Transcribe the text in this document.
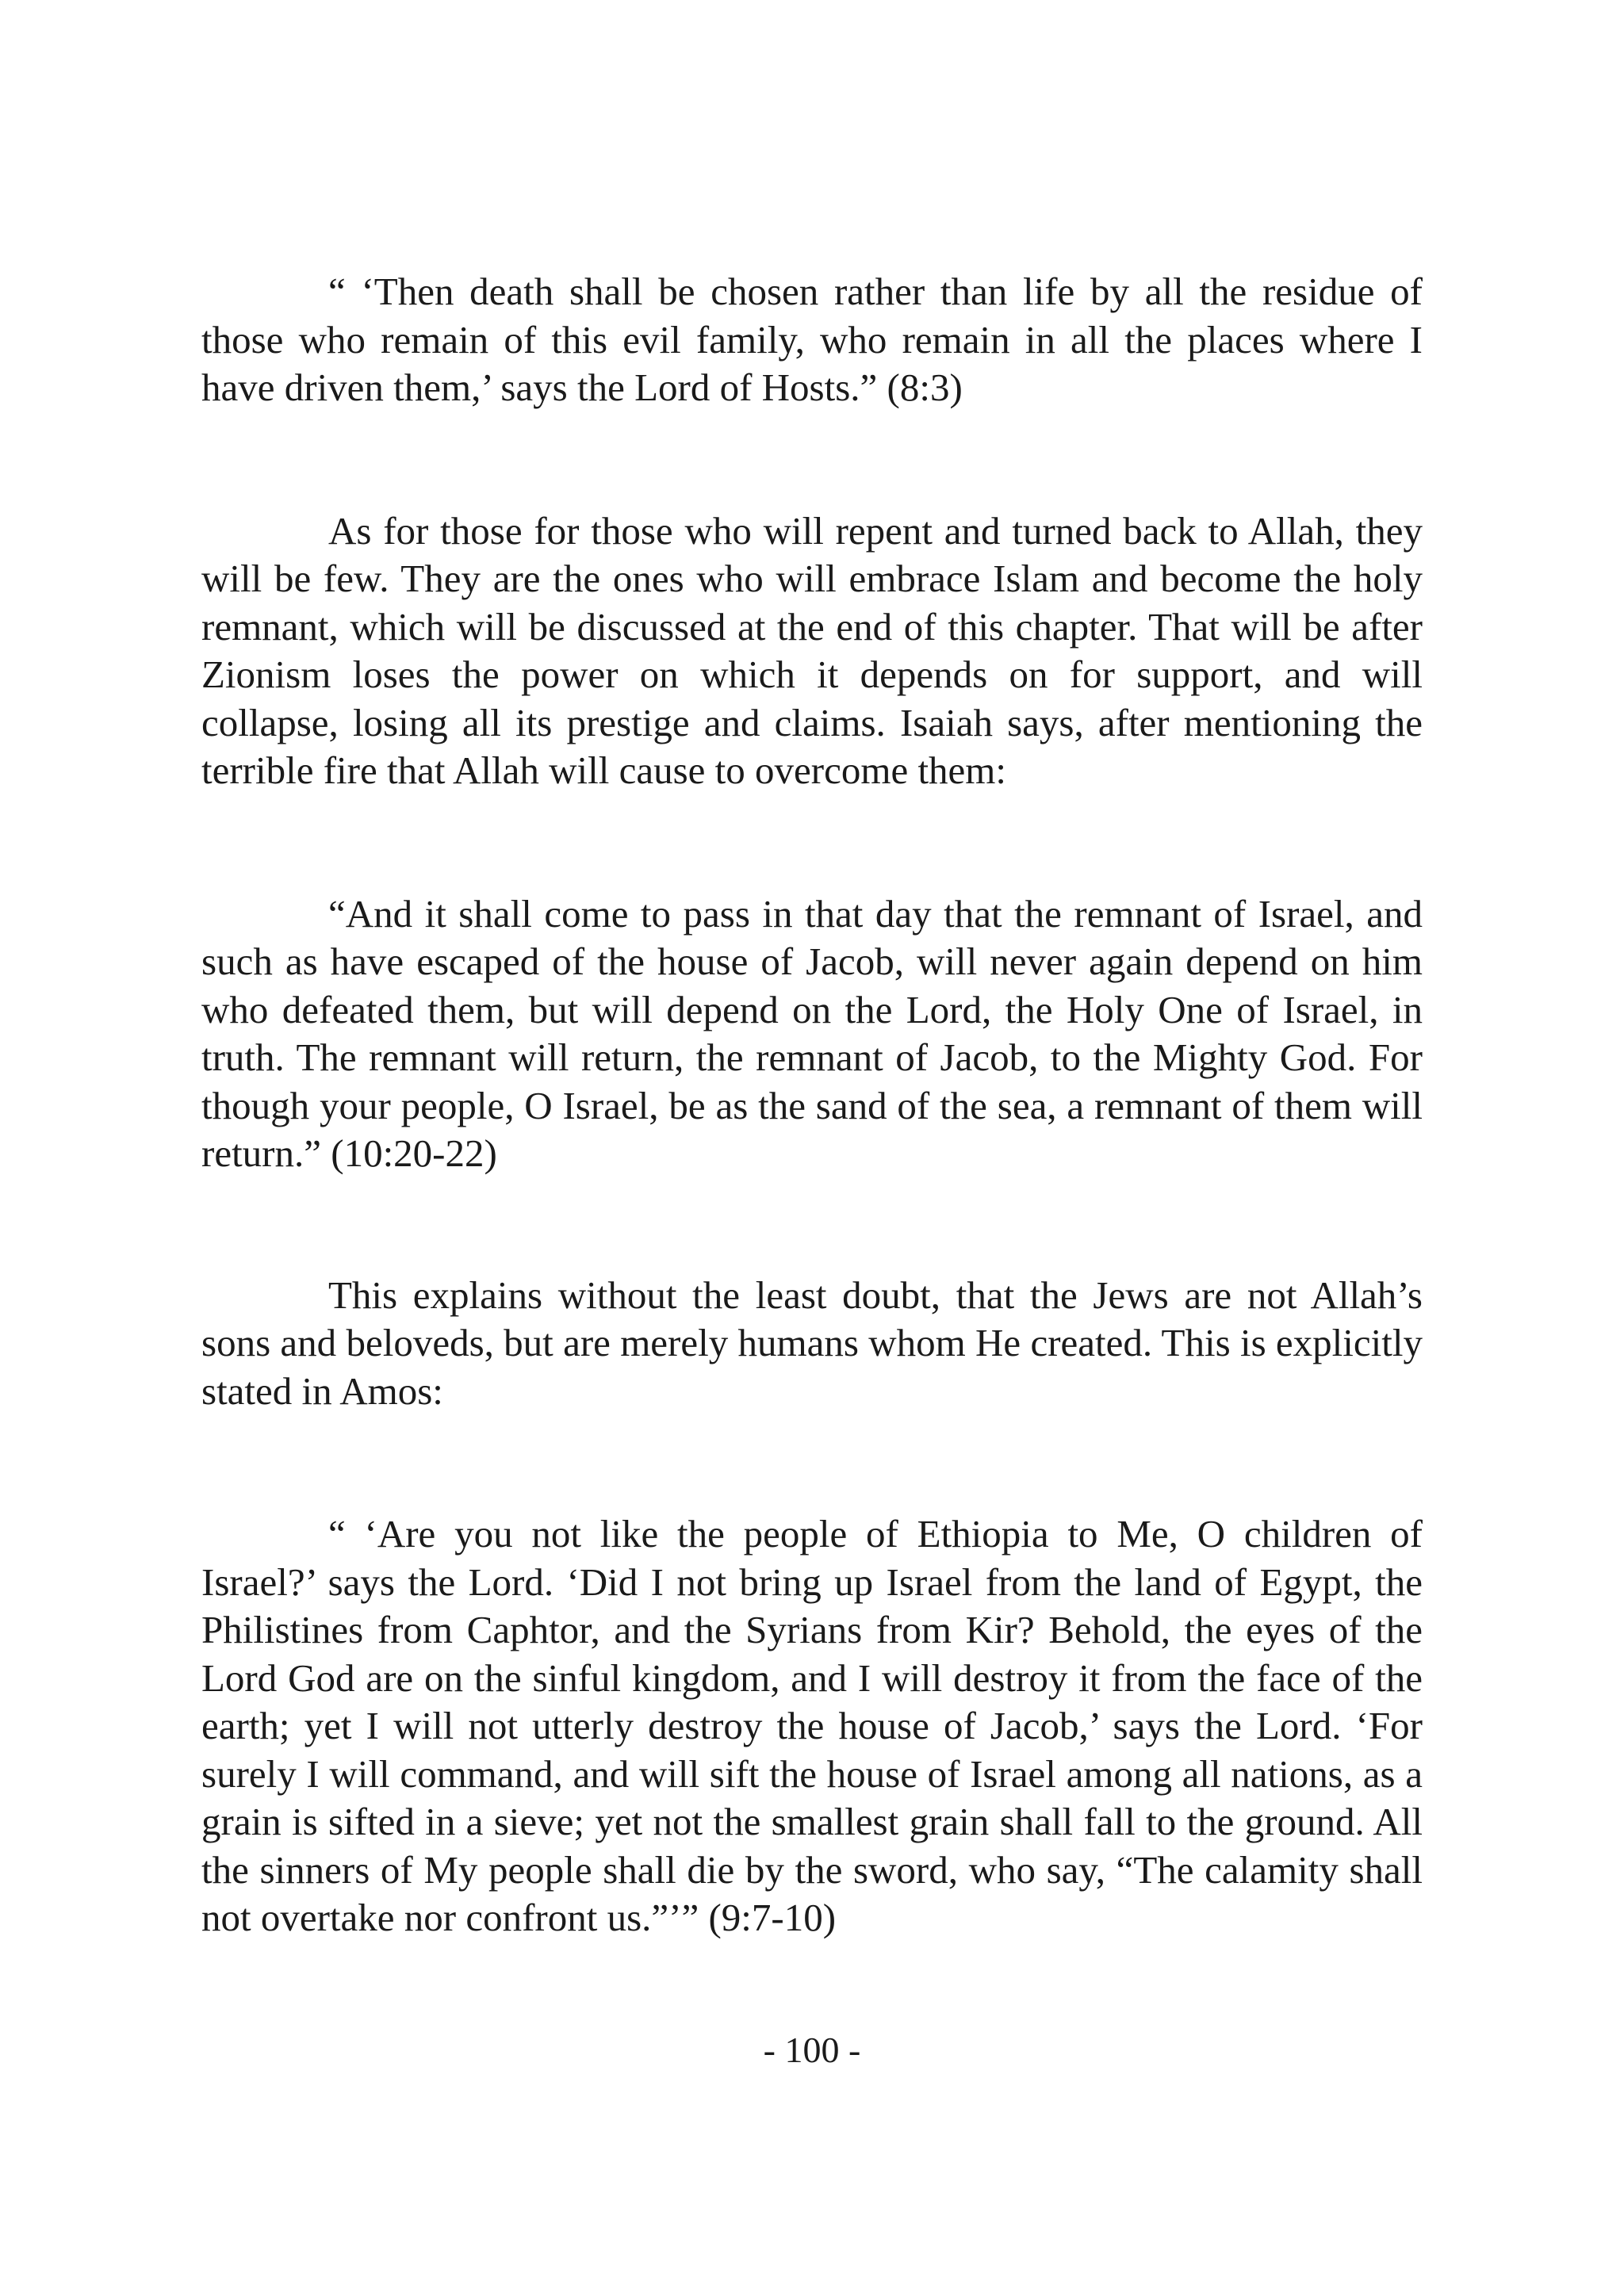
“ ‘Then death shall be chosen rather than life by all the residue of those who remain of this evil family, who remain in all the places where I have driven them,’ says the Lord of Hosts.” (8:3)

As for those for those who will repent and turned back to Allah, they will be few. They are the ones who will embrace Islam and become the holy remnant, which will be discussed at the end of this chapter. That will be after Zionism loses the power on which it depends on for support, and will collapse, losing all its prestige and claims. Isaiah says, after mentioning the terrible fire that Allah will cause to overcome them:

“And it shall come to pass in that day that the remnant of Israel, and such as have escaped of the house of Jacob, will never again depend on him who defeated them, but will depend on the Lord, the Holy One of Israel, in truth. The remnant will return, the remnant of Jacob, to the Mighty God. For though your people, O Israel, be as the sand of the sea, a remnant of them will return.” (10:20-22)

This explains without the least doubt, that the Jews are not Allah’s sons and beloveds, but are merely humans whom He created. This is explicitly stated in Amos:

“ ‘Are you not like the people of Ethiopia to Me, O children of Israel?’ says the Lord. ‘Did I not bring up Israel from the land of Egypt, the Philistines from Caphtor, and the Syrians from Kir? Behold, the eyes of the Lord God are on the sinful kingdom, and I will destroy it from the face of the earth; yet I will not utterly destroy the house of Jacob,’ says the Lord. ‘For surely I will command, and will sift the house of Israel among all nations, as a grain is sifted in a sieve; yet not the smallest grain shall fall to the ground. All the sinners of My people shall die by the sword, who say, “The calamity shall not overtake nor confront us.”’” (9:7-10)

- 100 -
